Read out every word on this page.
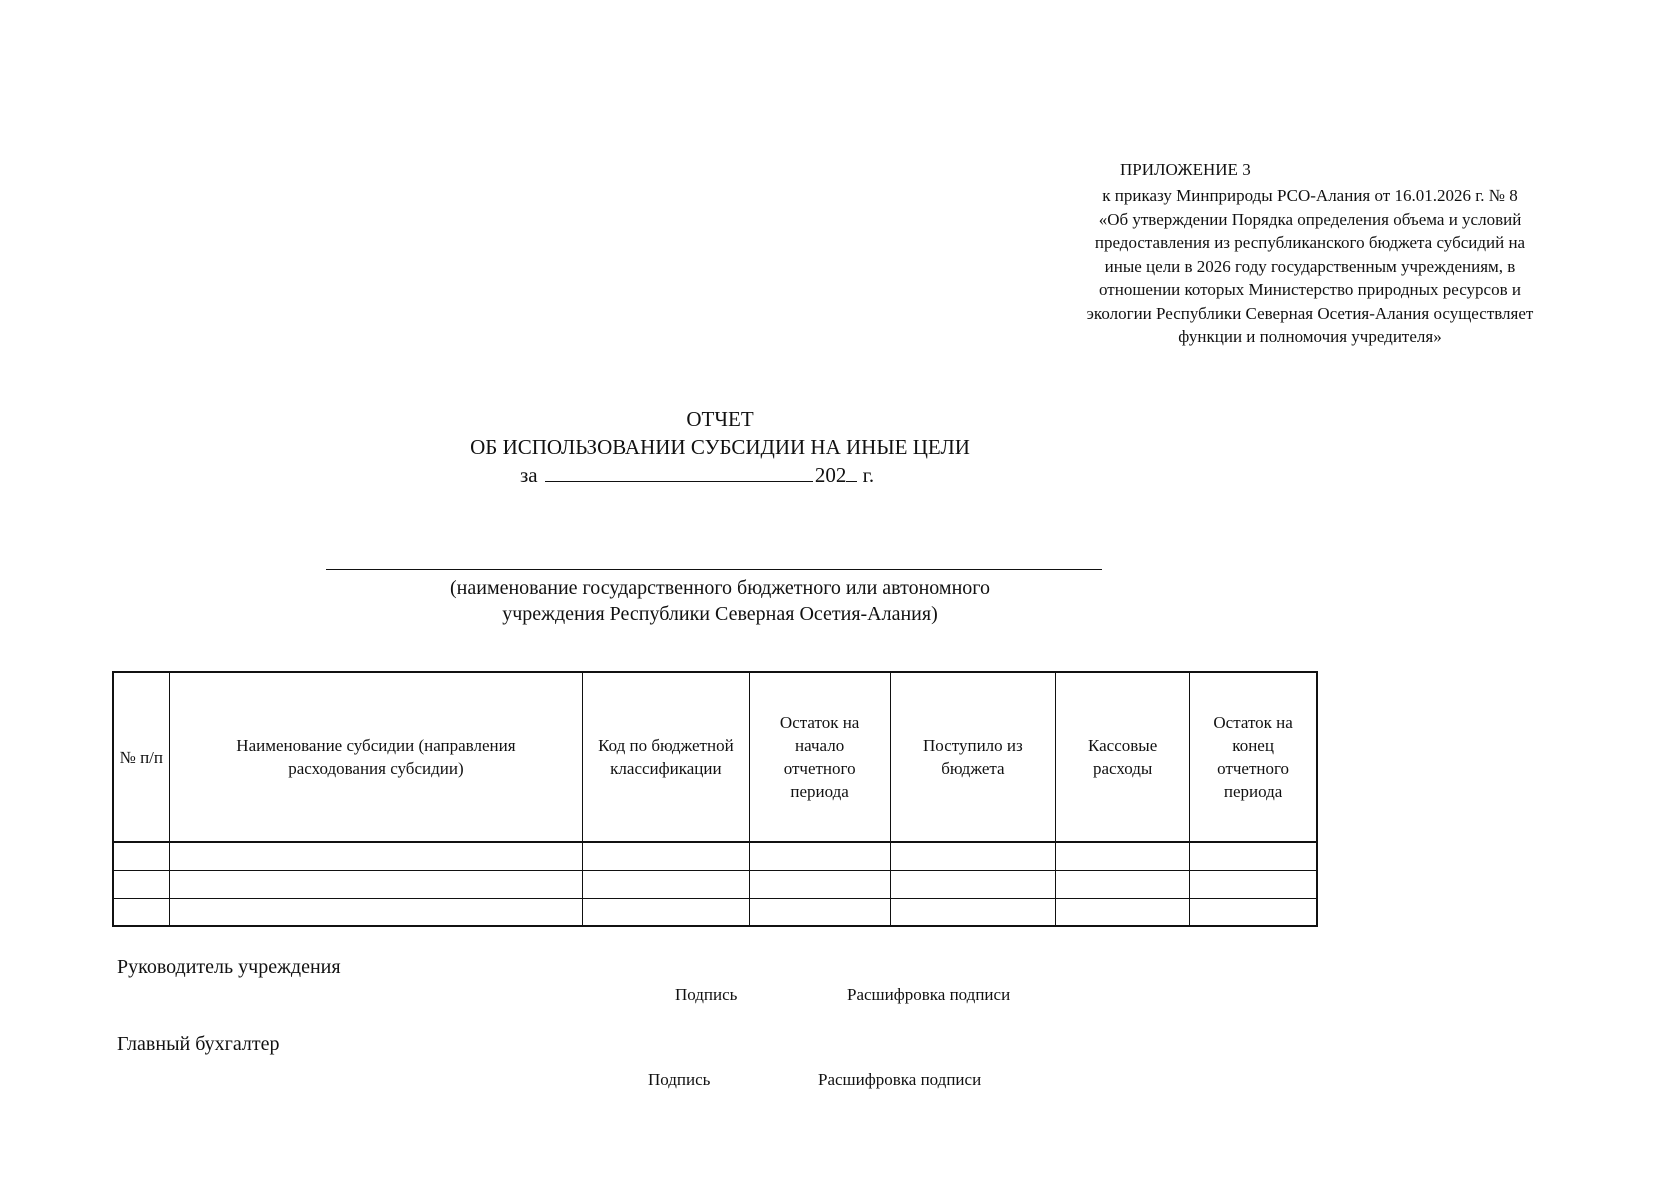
ПРИЛОЖЕНИЕ 3
к приказу Минприроды РСО-Алания от 16.01.2026 г. № 8
«Об утверждении Порядка определения объема и условий
предоставления из республиканского бюджета субсидий на
иные цели в 2026 году государственным учреждениям, в
отношении которых Министерство природных ресурсов и
экологии Республики Северная Осетия-Алания осуществляет
функции и полномочия учредителя»
ОТЧЕТ
ОБ ИСПОЛЬЗОВАНИИ СУБСИДИИ НА ИНЫЕ ЦЕЛИ
за	202 г.
(наименование государственного бюджетного или автономного
учреждения Республики Северная Осетия-Алания)
№ п/п	Наименование субсидии (направления расходования субсидии)	Код по бюджетной классификации	Остаток на начало отчетного периода	Поступило из бюджета	Кассовые расходы	Остаток на конец отчетного периода

Руководитель учреждения
Подпись	Расшифровка подписи
Главный бухгалтер
Подпись	Расшифровка подписи
